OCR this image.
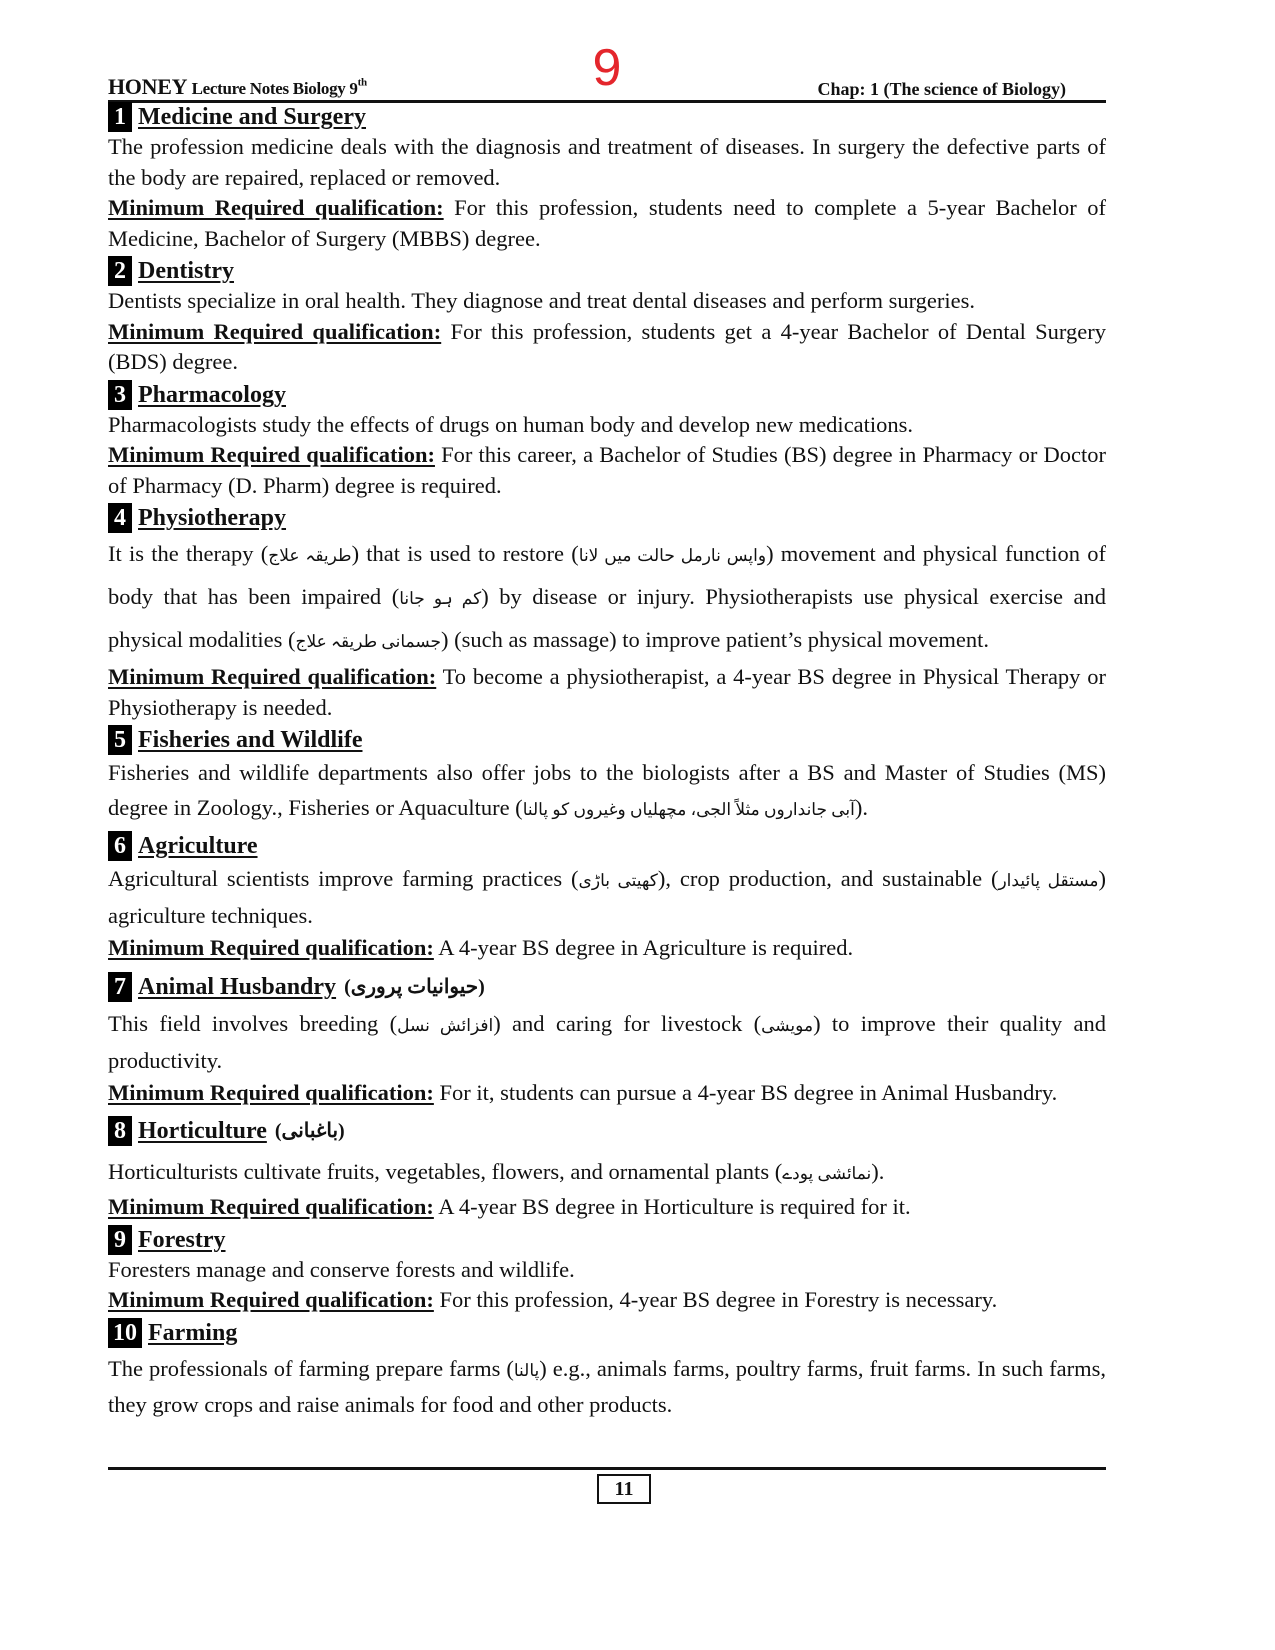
9
HONEY Lecture Notes Biology 9th	Chap: 1 (The science of Biology)
1 Medicine and Surgery

The profession medicine deals with the diagnosis and treatment of diseases. In surgery the defective parts of the body are repaired, replaced or removed.

Minimum Required qualification: For this profession, students need to complete a 5-year Bachelor of Medicine, Bachelor of Surgery (MBBS) degree.

2 Dentistry

Dentists specialize in oral health. They diagnose and treat dental diseases and perform surgeries.

Minimum Required qualification: For this profession, students get a 4-year Bachelor of Dental Surgery (BDS) degree.

3 Pharmacology

Pharmacologists study the effects of drugs on human body and develop new medications.

Minimum Required qualification: For this career, a Bachelor of Studies (BS) degree in Pharmacy or Doctor of Pharmacy (D. Pharm) degree is required.

4 Physiotherapy

It is the therapy (طریقہ علاج) that is used to restore (واپس نارمل حالت میں لانا) movement and physical function of body that has been impaired (کم ہو جانا) by disease or injury. Physiotherapists use physical exercise and physical modalities (جسمانی طریقہ علاج) (such as massage) to improve patient’s physical movement.

Minimum Required qualification: To become a physiotherapist, a 4-year BS degree in Physical Therapy or Physiotherapy is needed.

5 Fisheries and Wildlife

Fisheries and wildlife departments also offer jobs to the biologists after a BS and Master of Studies (MS) degree in Zoology., Fisheries or Aquaculture (آبی جانداروں مثلاً الجی، مچھلیاں وغیروں کو پالنا).

6 Agriculture

Agricultural scientists improve farming practices (کھیتی باڑی), crop production, and sustainable (مستقل پائیدار) agriculture techniques.

Minimum Required qualification: A 4-year BS degree in Agriculture is required.

7 Animal Husbandry (حیوانیات پروری)

This field involves breeding (افزائش نسل) and caring for livestock (مویشی) to improve their quality and productivity.

Minimum Required qualification: For it, students can pursue a 4-year BS degree in Animal Husbandry.

8 Horticulture (باغبانی)

Horticulturists cultivate fruits, vegetables, flowers, and ornamental plants (نمائشی پودے).

Minimum Required qualification: A 4-year BS degree in Horticulture is required for it.

9 Forestry

Foresters manage and conserve forests and wildlife.

Minimum Required qualification: For this profession, 4-year BS degree in Forestry is necessary.

10 Farming

The professionals of farming prepare farms (پالنا) e.g., animals farms, poultry farms, fruit farms. In such farms, they grow crops and raise animals for food and other products.

11
